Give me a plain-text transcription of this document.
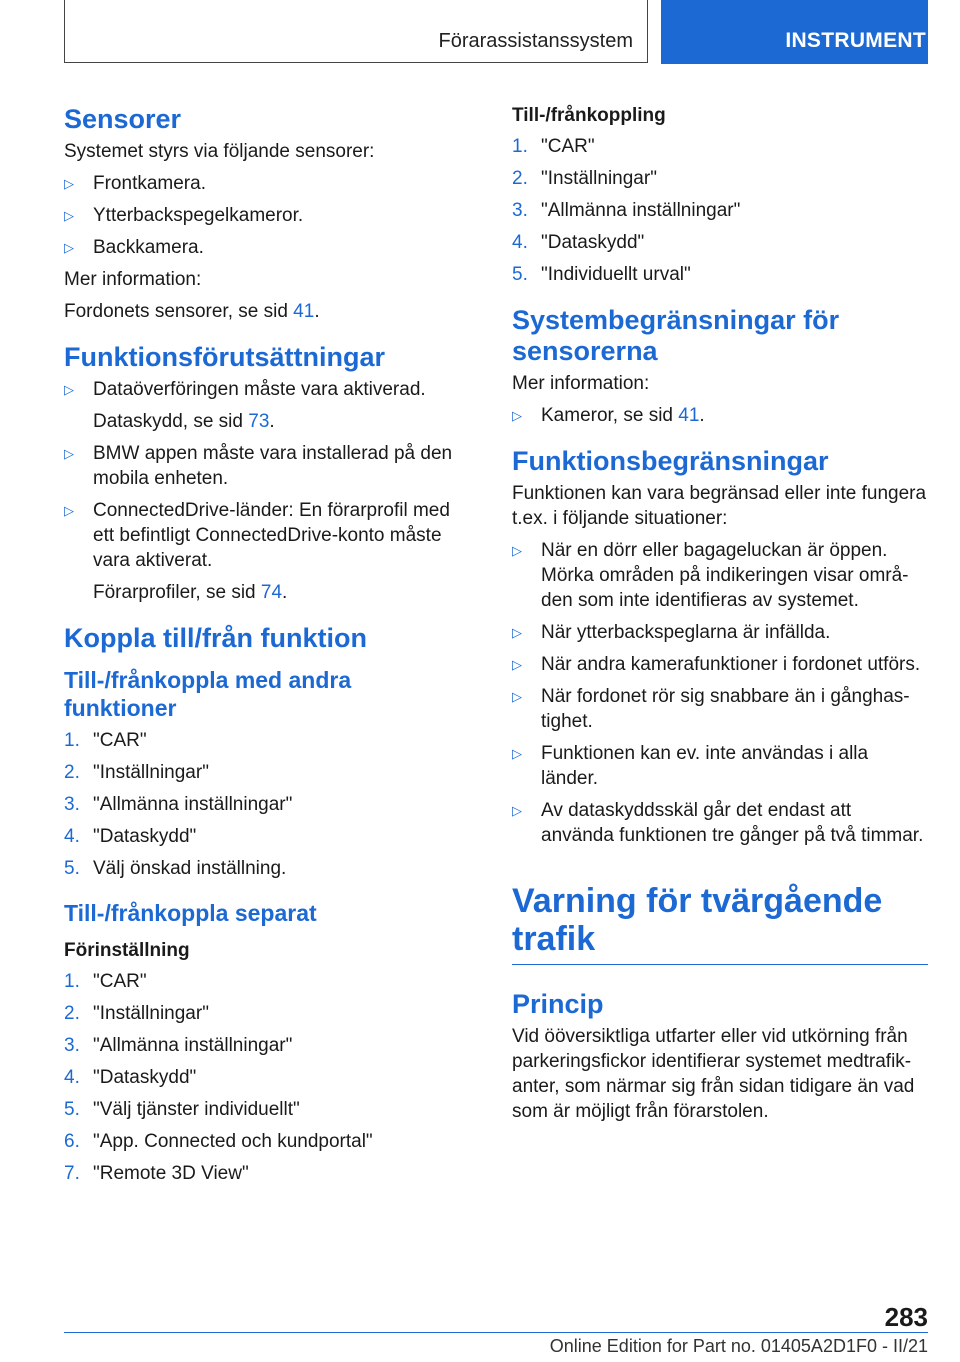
Förarassistanssystem	INSTRUMENT
Sensorer

Systemet styrs via följande sensorer:

▷ Frontkamera.
▷ Ytterbackspegelkameror.
▷ Backkamera.

Mer information:

Fordonets sensorer, se sid 41.

Funktionsförutsättningar
▷ Dataöverföringen måste vara aktiverad.
Dataskydd, se sid 73.
▷ BMW appen måste vara installerad på den mobila enheten.
▷ ConnectedDrive-länder: En förarprofil med ett befintligt ConnectedDrive-konto måste vara aktiverat.
Förarprofiler, se sid 74.
Koppla till/från funktion
Till-/frånkoppla med andra funktioner
1. "CAR"
2. "Inställningar"
3. "Allmänna inställningar"
4. "Dataskydd"
5. Välj önskad inställning.
Till-/frånkoppla separat
Förinställning
1. "CAR"
2. "Inställningar"
3. "Allmänna inställningar"
4. "Dataskydd"
5. "Välj tjänster individuellt"
6. "App. Connected och kundportal"
7. "Remote 3D View"
Till-/frånkoppling
1. "CAR"
2. "Inställningar"
3. "Allmänna inställningar"
4. "Dataskydd"
5. "Individuellt urval"
Systembegränsningar för sensorerna

Mer information:

▷ Kameror, se sid 41.
Funktionsbegränsningar

Funktionen kan vara begränsad eller inte fungera t.ex. i följande situationer:

▷ När en dörr eller bagageluckan är öppen. Mörka områden på indikeringen visar områ-den som inte identifieras av systemet.
▷ När ytterbackspeglarna är infällda.
▷ När andra kamerafunktioner i fordonet utförs.
▷ När fordonet rör sig snabbare än i gånghas-tighet.
▷ Funktionen kan ev. inte användas i alla länder.
▷ Av dataskyddsskäl går det endast att använda funktionen tre gånger på två timmar.
Varning för tvärgående trafik
Princip

Vid ööversiktliga utfarter eller vid utkörning från parkeringsfickor identifierar systemet medtrafik-anter, som närmar sig från sidan tidigare än vad som är möjligt från förarstolen.

283
Online Edition for Part no. 01405A2D1F0 - II/21
